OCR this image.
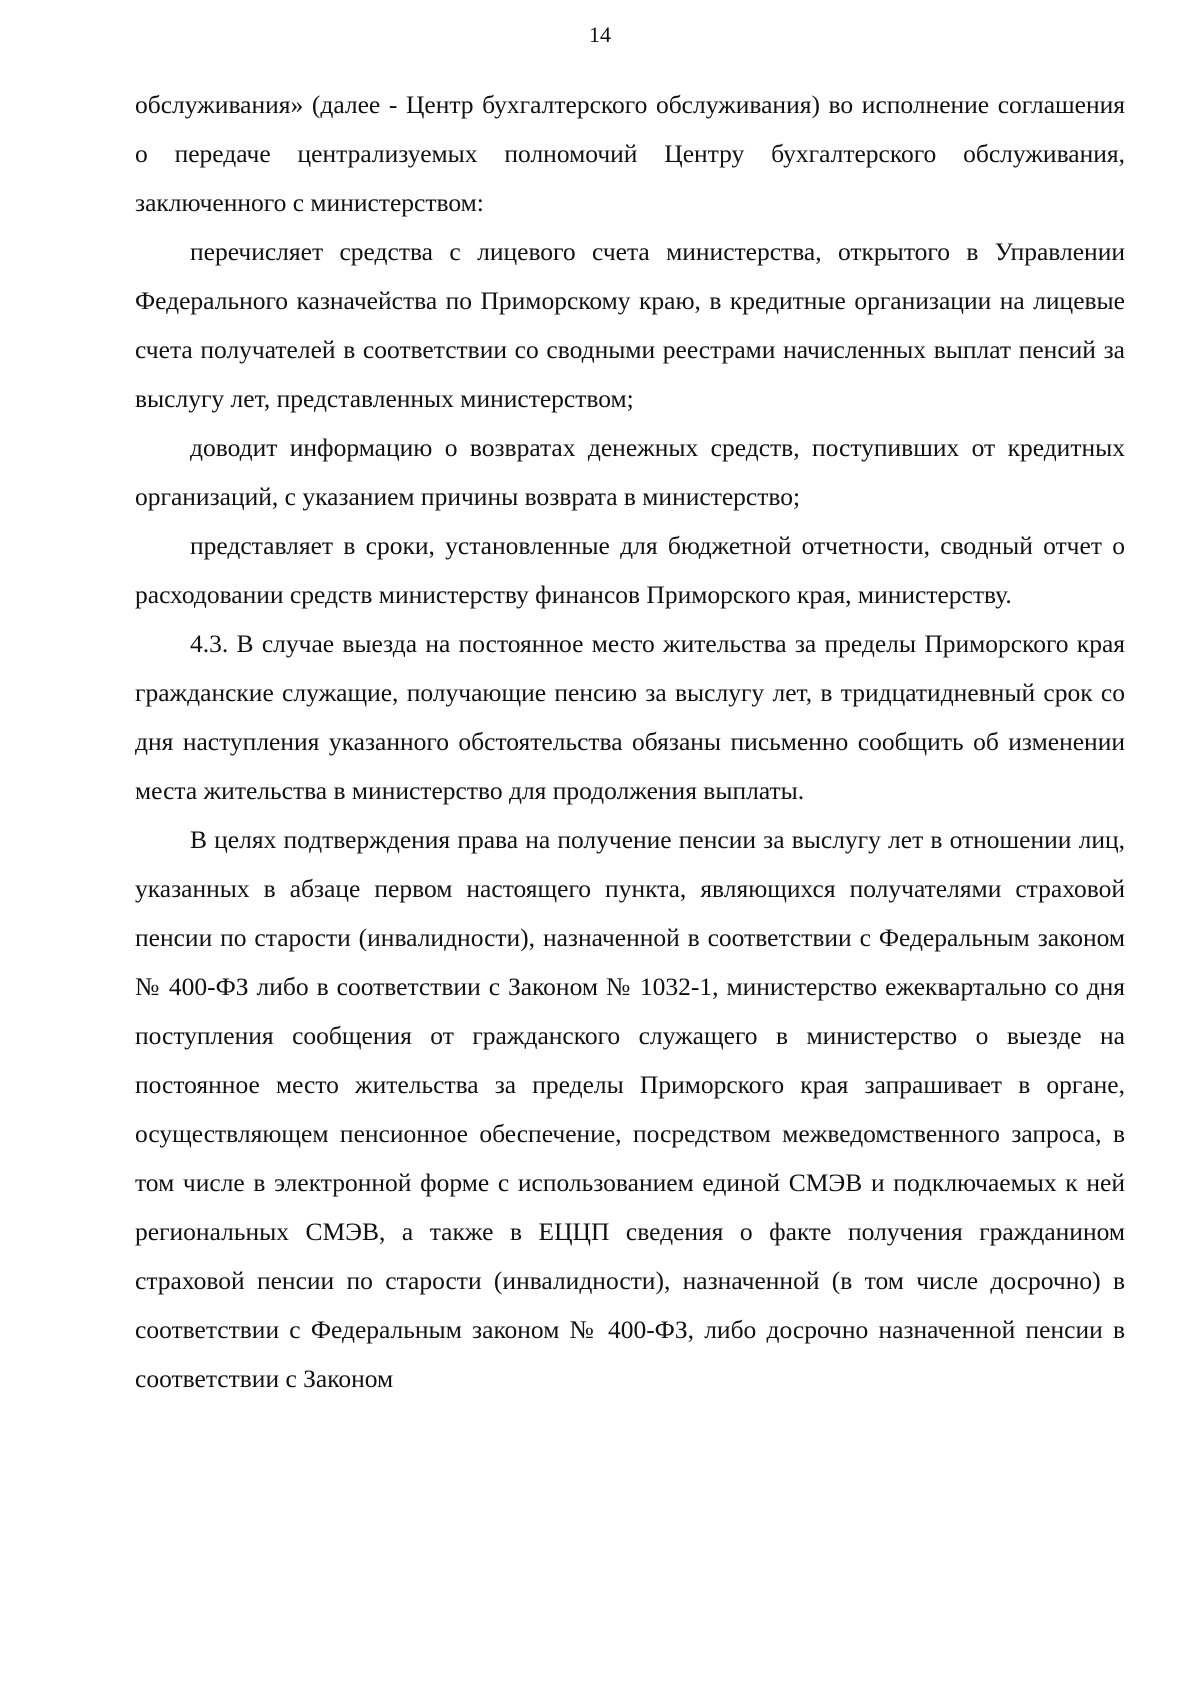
14

обслуживания» (далее - Центр бухгалтерского обслуживания) во исполнение соглашения о передаче централизуемых полномочий Центру бухгалтерского обслуживания, заключенного с министерством:

перечисляет средства с лицевого счета министерства, открытого в Управлении Федерального казначейства по Приморскому краю, в кредитные организации на лицевые счета получателей в соответствии со сводными реестрами начисленных выплат пенсий за выслугу лет, представленных министерством;

доводит информацию о возвратах денежных средств, поступивших от кредитных организаций, с указанием причины возврата в министерство;

представляет в сроки, установленные для бюджетной отчетности, сводный отчет о расходовании средств министерству финансов Приморского края, министерству.

4.3. В случае выезда на постоянное место жительства за пределы Приморского края гражданские служащие, получающие пенсию за выслугу лет, в тридцатидневный срок со дня наступления указанного обстоятельства обязаны письменно сообщить об изменении места жительства в министерство для продолжения выплаты.

В целях подтверждения права на получение пенсии за выслугу лет в отношении лиц, указанных в абзаце первом настоящего пункта, являющихся получателями страховой пенсии по старости (инвалидности), назначенной в соответствии с Федеральным законом № 400-ФЗ либо в соответствии с Законом № 1032-1, министерство ежеквартально со дня поступления сообщения от гражданского служащего в министерство о выезде на постоянное место жительства за пределы Приморского края запрашивает в органе, осуществляющем пенсионное обеспечение, посредством межведомственного запроса, в том числе в электронной форме с использованием единой СМЭВ и подключаемых к ней региональных СМЭВ, а также в ЕЦЦП сведения о факте получения гражданином страховой пенсии по старости (инвалидности), назначенной (в том числе досрочно) в соответствии с Федеральным законом № 400-ФЗ, либо досрочно назначенной пенсии в соответствии с Законом
